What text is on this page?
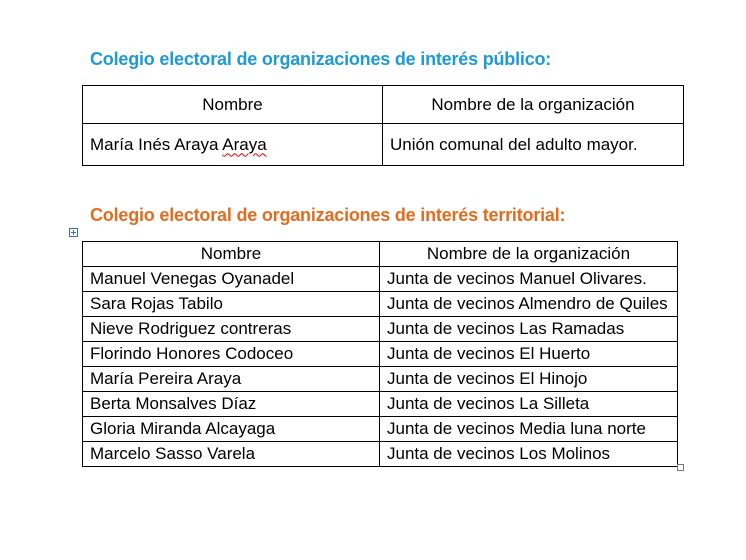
Colegio electoral de organizaciones de interés público:
Nombre	Nombre de la organización
María Inés Araya Araya	Unión comunal del adulto mayor.
Colegio electoral de organizaciones de interés territorial:
Nombre	Nombre de la organización
Manuel Venegas Oyanadel	Junta de vecinos Manuel Olivares.
Sara Rojas Tabilo	Junta de vecinos Almendro de Quiles
Nieve Rodriguez contreras	Junta de vecinos Las Ramadas
Florindo Honores Codoceo	Junta de vecinos El Huerto
María Pereira Araya	Junta de vecinos El Hinojo
Berta Monsalves Díaz	Junta de vecinos La Silleta
Gloria Miranda Alcayaga	Junta de vecinos Media luna norte
Marcelo Sasso Varela	Junta de vecinos Los Molinos
